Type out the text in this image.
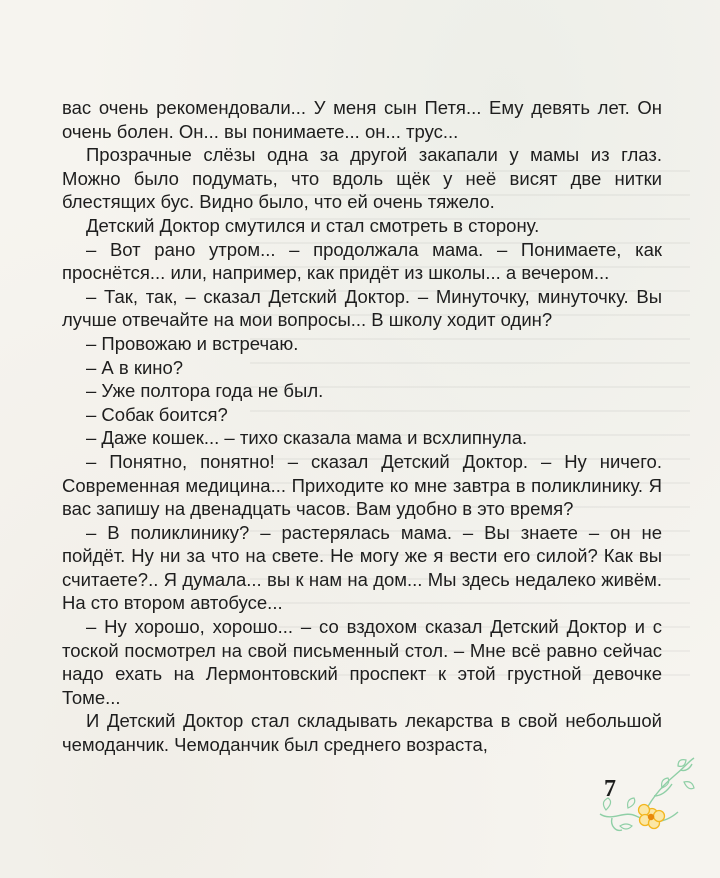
вас очень рекомендовали... У меня сын Петя... Ему девять лет. Он очень болен. Он... вы понимаете... он... трус...

Прозрачные слёзы одна за другой закапали у мамы из глаз. Можно было подумать, что вдоль щёк у неё висят две нитки блестящих бус. Видно было, что ей очень тяжело.

Детский Доктор смутился и стал смотреть в сторону.

– Вот рано утром... – продолжала мама. – Понимаете, как проснётся... или, например, как придёт из школы... а вечером...

– Так, так, – сказал Детский Доктор. – Минуточку, минуточку. Вы лучше отвечайте на мои вопросы... В школу ходит один?

– Провожаю и встречаю.

– А в кино?

– Уже полтора года не был.

– Собак боится?

– Даже кошек... – тихо сказала мама и всхлипнула.

– Понятно, понятно! – сказал Детский Доктор. – Ну ничего. Современная медицина... Приходите ко мне завтра в поликлинику. Я вас запишу на двенадцать часов. Вам удобно в это время?

– В поликлинику? – растерялась мама. – Вы знаете – он не пойдёт. Ну ни за что на свете. Не могу же я вести его силой? Как вы считаете?.. Я думала... вы к нам на дом... Мы здесь недалеко живём. На сто втором автобусе...

– Ну хорошо, хорошо... – со вздохом сказал Детский Доктор и с тоской посмотрел на свой письменный стол. – Мне всё равно сейчас надо ехать на Лермонтовский проспект к этой грустной девочке Томе...

И Детский Доктор стал складывать лекарства в свой небольшой чемоданчик. Чемоданчик был среднего возраста,

7
